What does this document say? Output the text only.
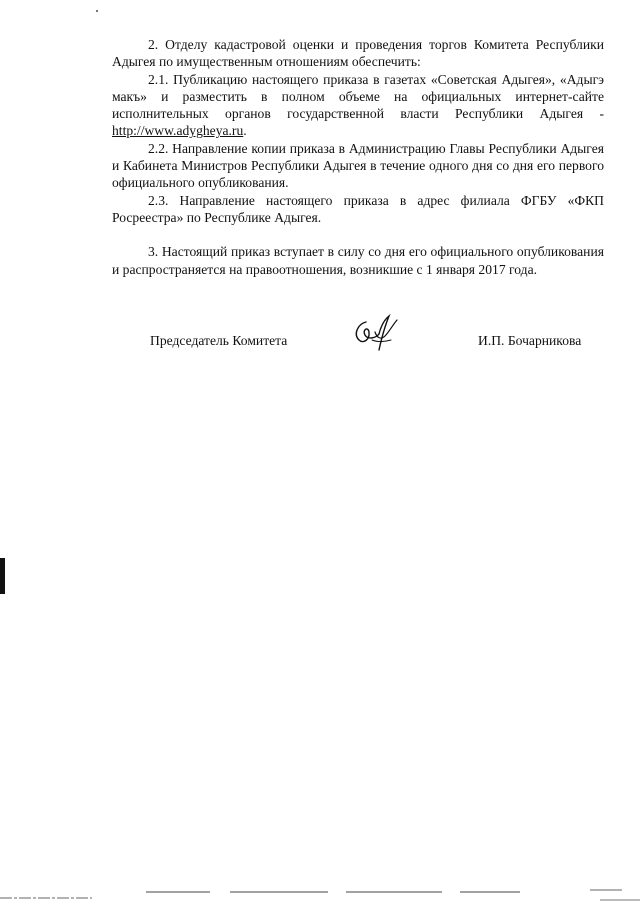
2. Отделу кадастровой оценки и проведения торгов Комитета Республики Адыгея по имущественным отношениям обеспечить:

2.1. Публикацию настоящего приказа в газетах «Советская Адыгея», «Адыгэ макъ» и разместить в полном объеме на официальных интернет-сайте исполнительных органов государственной власти Республики Адыгея - http://www.adygheya.ru.

2.2. Направление копии приказа в Администрацию Главы Республики Адыгея и Кабинета Министров Республики Адыгея в течение одного дня со дня его первого официального опубликования.

2.3. Направление настоящего приказа в адрес филиала ФГБУ «ФКП Росреестра» по Республике Адыгея.

3. Настоящий приказ вступает в силу со дня его официального опубликования и распространяется на правоотношения, возникшие с 1 января 2017 года.

Председатель Комитета	И.П. Бочарникова
